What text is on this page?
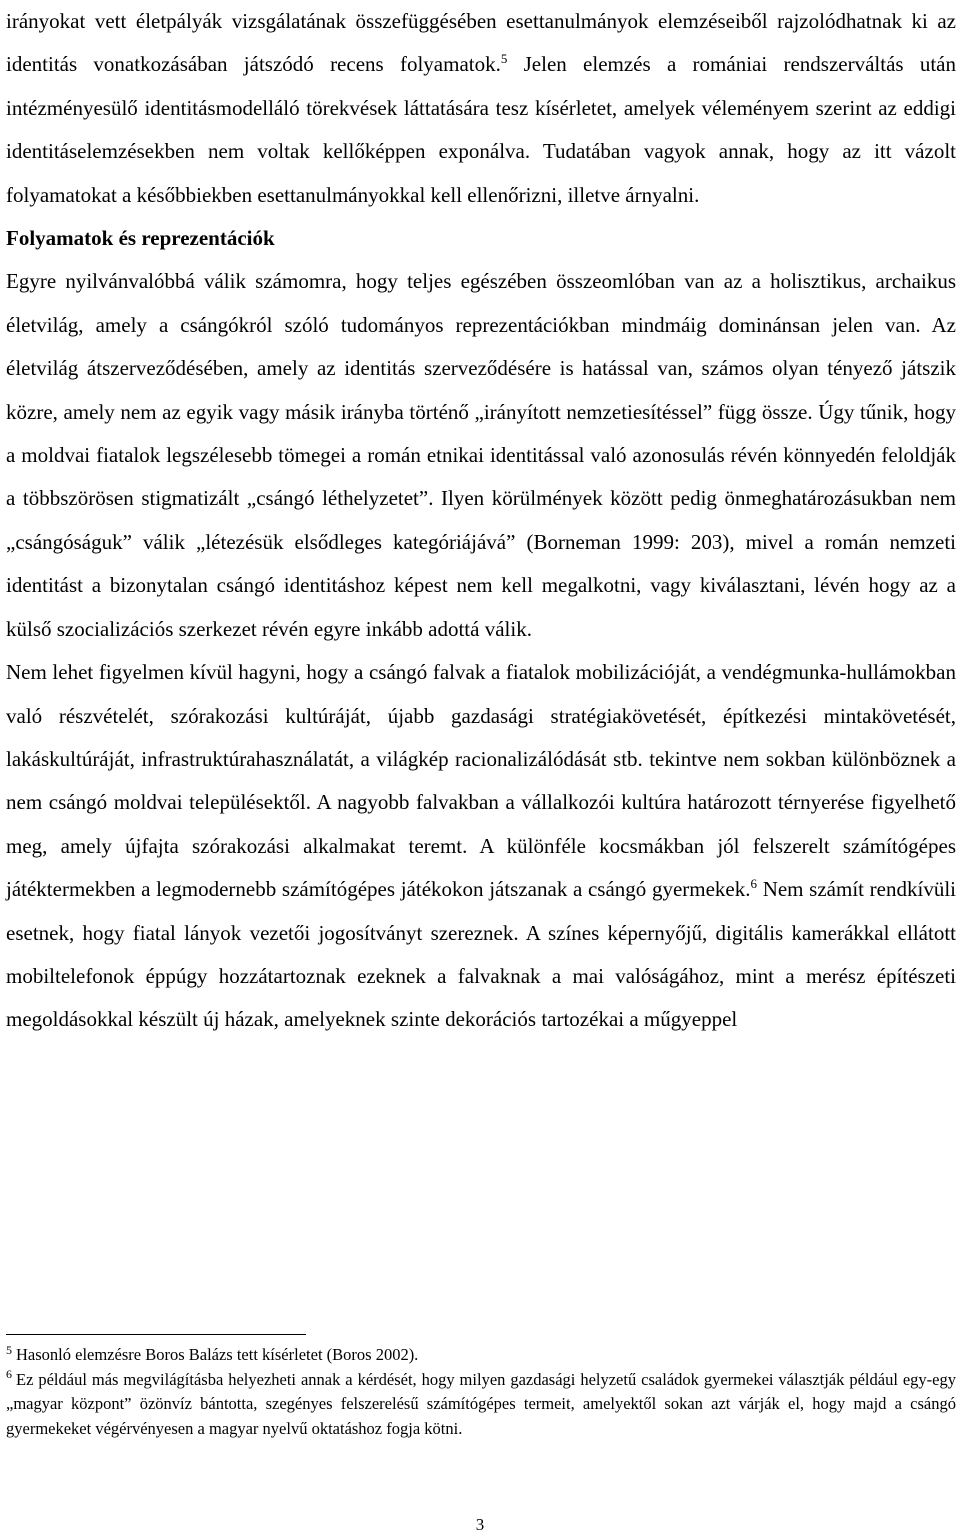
irányokat vett életpályák vizsgálatának összefüggésében esettanulmányok elemzéseiből rajzolódhatnak ki az identitás vonatkozásában játszódó recens folyamatok.$^5$ Jelen elemzés a romániai rendszerváltás után intézményesülő identitásmodelláló törekvések láttatására tesz kísérletet, amelyek véleményem szerint az eddigi identitáselemzésekben nem voltak kellőképpen exponálva. Tudatában vagyok annak, hogy az itt vázolt folyamatokat a későbbiekben esettanulmányokkal kell ellenőrizni, illetve árnyalni.

Folyamatok és reprezentációk

Egyre nyilvánvalóbbá válik számomra, hogy teljes egészében összeomlóban van az a holisztikus, archaikus életvilág, amely a csángókról szóló tudományos reprezentációkban mindmáig dominánsan jelen van. Az életvilág átszerveződésében, amely az identitás szerveződésére is hatással van, számos olyan tényező játszik közre, amely nem az egyik vagy másik irányba történő „irányított nemzetiesítéssel” függ össze. Úgy tűnik, hogy a moldvai fiatalok legszélesebb tömegei a román etnikai identitással való azonosulás révén könnyedén feloldják a többszörösen stigmatizált „csángó léthelyzetet”. Ilyen körülmények között pedig önmeghatározásukban nem „csángóságuk” válik „létezésük elsődleges kategóriájává” (Borneman 1999: 203), mivel a román nemzeti identitást a bizonytalan csángó identitáshoz képest nem kell megalkotni, vagy kiválasztani, lévén hogy az a külső szocializációs szerkezet révén egyre inkább adottá válik.

Nem lehet figyelmen kívül hagyni, hogy a csángó falvak a fiatalok mobilizációját, a vendégmunka-hullámokban való részvételét, szórakozási kultúráját, újabb gazdasági stratégiakövetését, építkezési mintakövetését, lakáskultúráját, infrastruktúrahasználatát, a világkép racionalizálódását stb. tekintve nem sokban különböznek a nem csángó moldvai településektől. A nagyobb falvakban a vállalkozói kultúra határozott térnyerése figyelhető meg, amely újfajta szórakozási alkalmakat teremt. A különféle kocsmákban jól felszerelt számítógépes játéktermekben a legmodernebb számítógépes játékokon játszanak a csángó gyermekek.$^6$ Nem számít rendkívüli esetnek, hogy fiatal lányok vezetői jogosítványt szereznek. A színes képernyőjű, digitális kamerákkal ellátott mobiltelefonok éppúgy hozzátartoznak ezeknek a falvaknak a mai valóságához, mint a merész építészeti megoldásokkal készült új házak, amelyeknek szinte dekorációs tartozékai a műgyeppel

$^5$ Hasonló elemzésre Boros Balázs tett kísérletet (Boros 2002).

$^6$ Ez például más megvilágításba helyezheti annak a kérdését, hogy milyen gazdasági helyzetű családok gyermekei választják például egy-egy „magyar központ” özönvíz bántotta, szegényes felszerelésű számítógépes termeit, amelyektől sokan azt várják el, hogy majd a csángó gyermekeket végérvényesen a magyar nyelvű oktatáshoz fogja kötni.

3
